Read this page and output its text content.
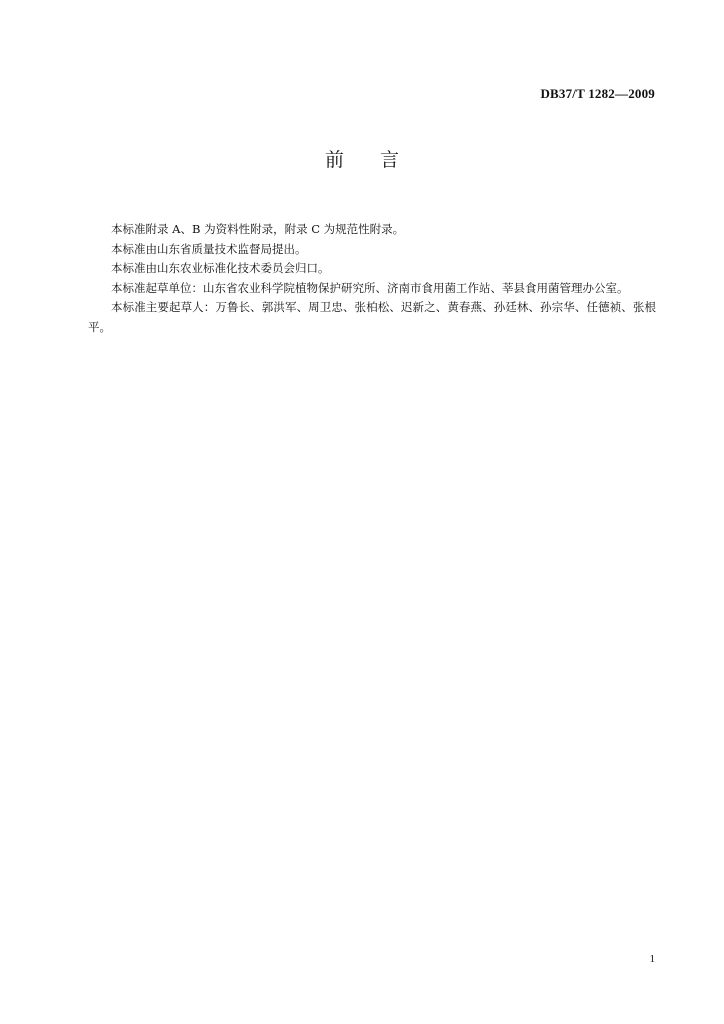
DB37/T 1282—2009
前言

本标准附录 A、B 为资料性附录，附录 C 为规范性附录。

本标准由山东省质量技术监督局提出。

本标准由山东农业标准化技术委员会归口。

本标准起草单位：山东省农业科学院植物保护研究所、济南市食用菌工作站、莘县食用菌管理办公室。

本标准主要起草人：万鲁长、郭洪军、周卫忠、张柏松、迟新之、黄春燕、孙廷林、孙宗华、任德祯、张根平。

1
